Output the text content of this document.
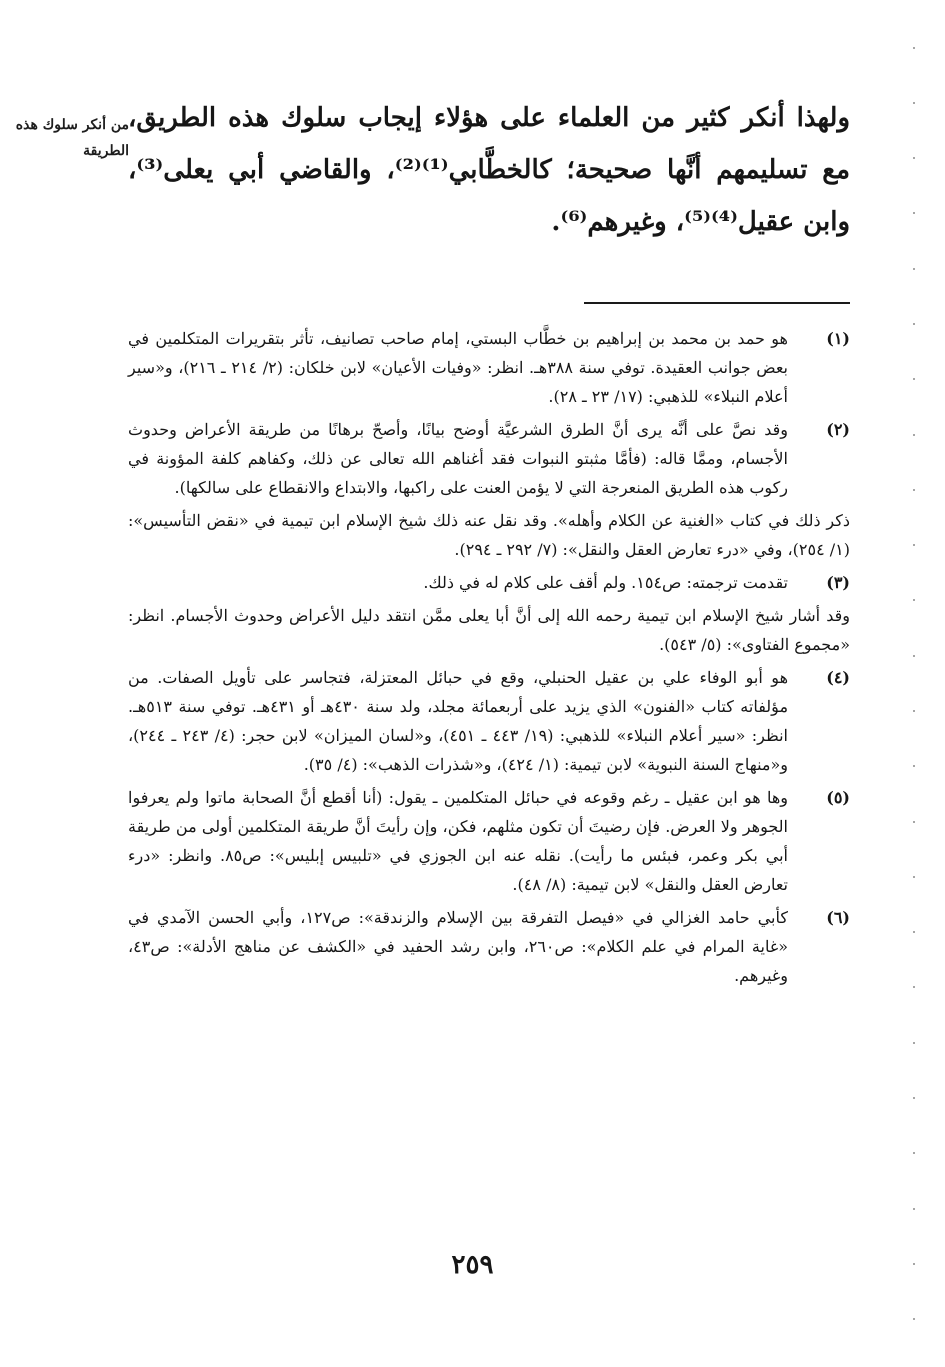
من أنكر سلوك هذه الطريقة
ولهذا أنكر كثير من العلماء على هؤلاء إيجاب سلوك هذه الطريق، مع تسليمهم أنَّها صحيحة؛ كالخطَّابي⁽¹⁾⁽²⁾، والقاضي أبي يعلى⁽³⁾، وابن عقيل⁽⁴⁾⁽⁵⁾، وغيرهم⁽⁶⁾.
(١)
هو حمد بن محمد بن إبراهيم بن خطَّاب البستي، إمام صاحب تصانيف، تأثر بتقريرات المتكلمين في بعض جوانب العقيدة. توفي سنة ٣٨٨هـ. انظر: «وفيات الأعيان» لابن خلكان: (٢/ ٢١٤ ـ ٢١٦)، و«سير أعلام النبلاء» للذهبي: (١٧/ ٢٣ ـ ٢٨).
(٢)
وقد نصَّ على أنَّه يرى أنَّ الطرق الشرعيَّة أوضح بيانًا، وأصحّ برهانًا من طريقة الأعراض وحدوث الأجسام، وممَّا قاله: (فأمَّا مثبتو النبوات فقد أغناهم الله تعالى عن ذلك، وكفاهم كلفة المؤونة في ركوب هذه الطريق المنعرجة التي لا يؤمن العنت على راكبها، والابتداع والانقطاع على سالكها).
ذكر ذلك في كتاب «الغنية عن الكلام وأهله». وقد نقل عنه ذلك شيخ الإسلام ابن تيمية في «نقض التأسيس»: (١/ ٢٥٤)، وفي «درء تعارض العقل والنقل»: (٧/ ٢٩٢ ـ ٢٩٤).
(٣)
تقدمت ترجمته: ص١٥٤. ولم أقف على كلام له في ذلك.
وقد أشار شيخ الإسلام ابن تيمية رحمه الله إلى أنَّ أبا يعلى ممَّن انتقد دليل الأعراض وحدوث الأجسام. انظر: «مجموع الفتاوى»: (٥/ ٥٤٣).
(٤)
هو أبو الوفاء علي بن عقيل الحنبلي، وقع في حبائل المعتزلة، فتجاسر على تأويل الصفات. من مؤلفاته كتاب «الفنون» الذي يزيد على أربعمائة مجلد، ولد سنة ٤٣٠هـ أو ٤٣١هـ. توفي سنة ٥١٣هـ. انظر: «سير أعلام النبلاء» للذهبي: (١٩/ ٤٤٣ ـ ٤٥١)، و«لسان الميزان» لابن حجر: (٤/ ٢٤٣ ـ ٢٤٤)، و«منهاج السنة النبوية» لابن تيمية: (١/ ٤٢٤)، و«شذرات الذهب»: (٤/ ٣٥).
(٥)
وها هو ابن عقيل ـ رغم وقوعه في حبائل المتكلمين ـ يقول: (أنا أقطع أنَّ الصحابة ماتوا ولم يعرفوا الجوهر ولا العرض. فإن رضيتَ أن تكون مثلهم، فكن، وإن رأيتَ أنَّ طريقة المتكلمين أولى من طريقة أبي بكر وعمر، فبئس ما رأيت). نقله عنه ابن الجوزي في «تلبيس إبليس»: ص٨٥. وانظر: «درء تعارض العقل والنقل» لابن تيمية: (٨/ ٤٨).
(٦)
كأبي حامد الغزالي في «فيصل التفرقة بين الإسلام والزندقة»: ص١٢٧، وأبي الحسن الآمدي في «غاية المرام في علم الكلام»: ص٢٦٠، وابن رشد الحفيد في «الكشف عن مناهج الأدلة»: ص٤٣، وغيرهم.
٢٥٩
